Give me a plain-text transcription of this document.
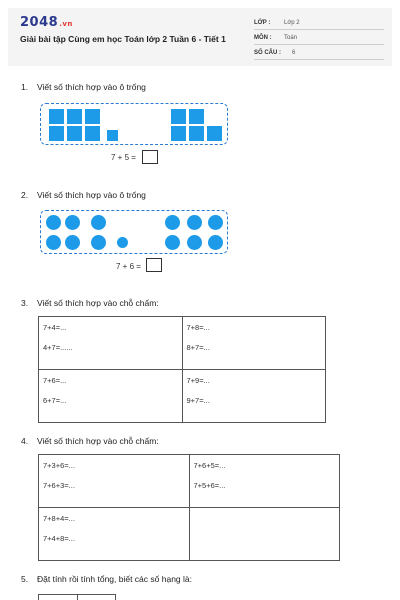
2048.vn
Giải bài tập Cùng em học Toán lớp 2 Tuần 6 - Tiết 1
LỚP : Lớp 2
MÔN : Toán
SỐ CÂU : 6
1. Viết số thích hợp vào ô trống
7 + 5 =
2. Viết số thích hợp vào ô trống
7 + 6 =
3. Viết số thích hợp vào chỗ chấm:
7+4=...
4+7=......	7+8=...
8+7=...

7+6=...
6+7=...	7+9=...
9+7=...
4. Viết số thích hợp vào chỗ chấm:
7+3+6=...
7+6+3=...	7+6+5=...
7+5+6=...

7+8+4=...
7+4+8=...	

5. Đặt tính rồi tính tổng, biết các số hạng là:
